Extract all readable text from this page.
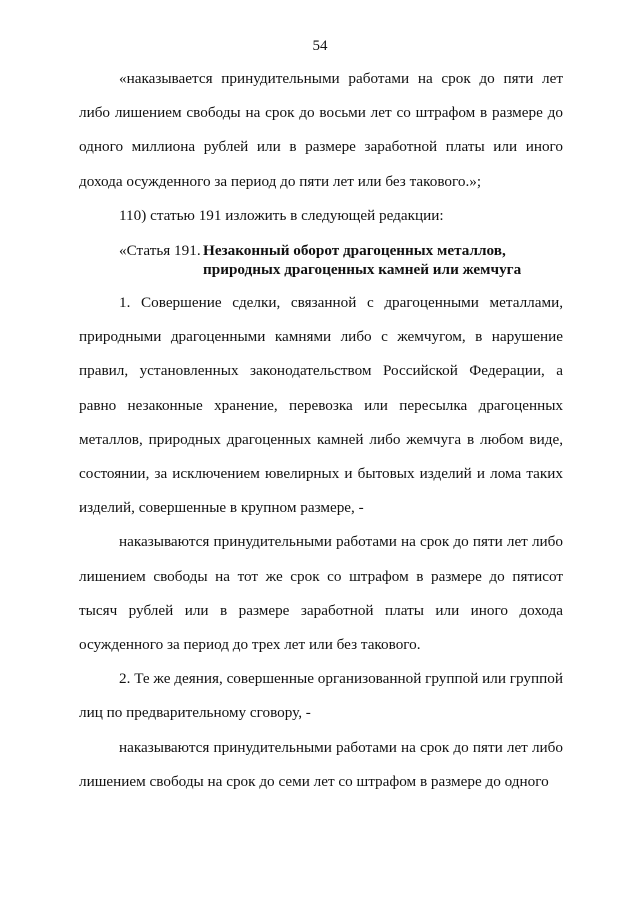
54

«наказывается принудительными работами на срок до пяти лет либо лишением свободы на срок до восьми лет со штрафом в размере до одного миллиона рублей или в размере заработной платы или иного дохода осужденного за период до пяти лет или без такового.»;

110) статью 191 изложить в следующей редакции:

«Статья 191. Незаконный оборот драгоценных металлов,
природных драгоценных камней или жемчуга

1. Совершение сделки, связанной с драгоценными металлами, природными драгоценными камнями либо с жемчугом, в нарушение правил, установленных законодательством Российской Федерации, а равно незаконные хранение, перевозка или пересылка драгоценных металлов, природных драгоценных камней либо жемчуга в любом виде, состоянии, за исключением ювелирных и бытовых изделий и лома таких изделий, совершенные в крупном размере, -

наказываются принудительными работами на срок до пяти лет либо лишением свободы на тот же срок со штрафом в размере до пятисот тысяч рублей или в размере заработной платы или иного дохода осужденного за период до трех лет или без такового.

2. Те же деяния, совершенные организованной группой или группой лиц по предварительному сговору, -

наказываются принудительными работами на срок до пяти лет либо лишением свободы на срок до семи лет со штрафом в размере до одного
